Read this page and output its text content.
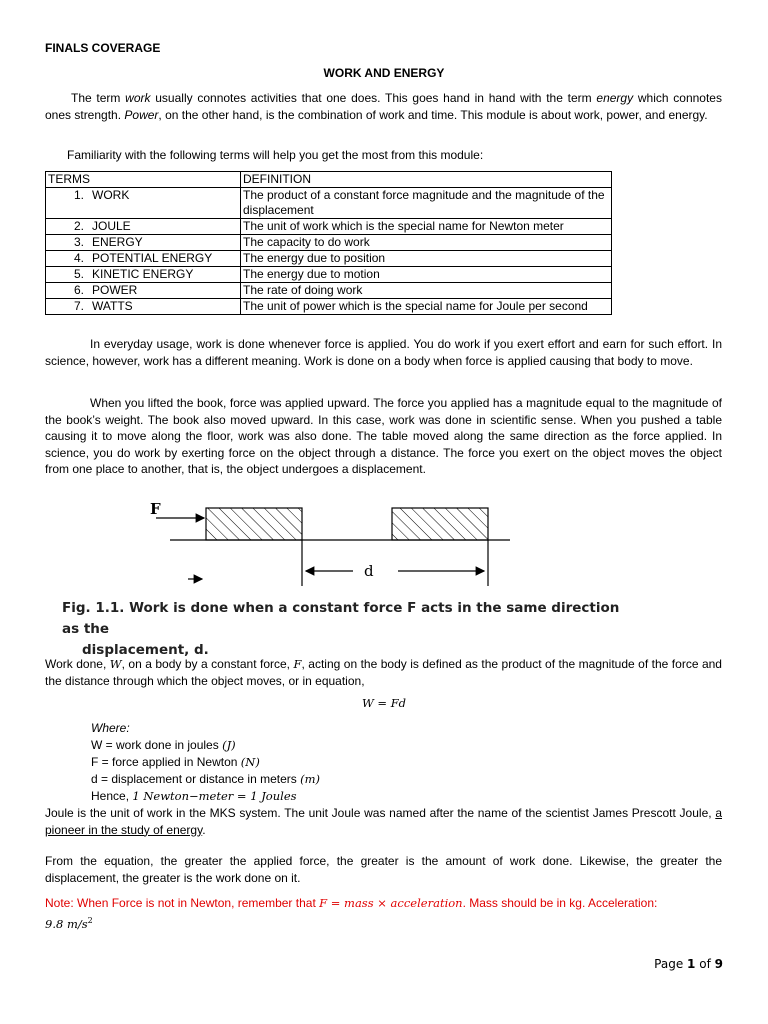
FINALS COVERAGE
WORK AND ENERGY

The term work usually connotes activities that one does. This goes hand in hand with the term energy which connotes ones strength. Power, on the other hand, is the combination of work and time. This module is about work, power, and energy.

Familiarity with the following terms will help you get the most from this module:

TERMS	DEFINITION
1. WORK	The product of a constant force magnitude and the magnitude of the displacement
2. JOULE	The unit of work which is the special name for Newton meter
3. ENERGY	The capacity to do work
4. POTENTIAL ENERGY	The energy due to position
5. KINETIC ENERGY	The energy due to motion
6. POWER	The rate of doing work
7. WATTS	The unit of power which is the special name for Joule per second

In everyday usage, work is done whenever force is applied. You do work if you exert effort and earn for such effort. In science, however, work has a different meaning. Work is done on a body when force is applied causing that body to move.

When you lifted the book, force was applied upward. The force you applied has a magnitude equal to the magnitude of the book’s weight. The book also moved upward. In this case, work was done in scientific sense. When you pushed a table causing it to move along the floor, work was also done. The table moved along the same direction as the force applied. In science, you do work by exerting force on the object through a distance. The force you exert on the object moves the object from one place to another, that is, the object undergoes a displacement.

F
d
Fig. 1.1. Work is done when a constant force F acts in the same direction as the
displacement, d.

Work done, W, on a body by a constant force, F, acting on the body is defined as the product of the magnitude of the force and the distance through which the object moves, or in equation,

W = Fd
Where:
W = work done in joules (J)
F = force applied in Newton (N)
d = displacement or distance in meters (m)
Hence, 1 Newton−meter = 1 Joules

Joule is the unit of work in the MKS system. The unit Joule was named after the name of the scientist James Prescott Joule, a pioneer in the study of energy.

From the equation, the greater the applied force, the greater is the amount of work done. Likewise, the greater the displacement, the greater is the work done on it.

Note: When Force is not in Newton, remember that F = mass × acceleration. Mass should be in kg. Acceleration:
9.8 $m/s^2$
Page 1 of 9
